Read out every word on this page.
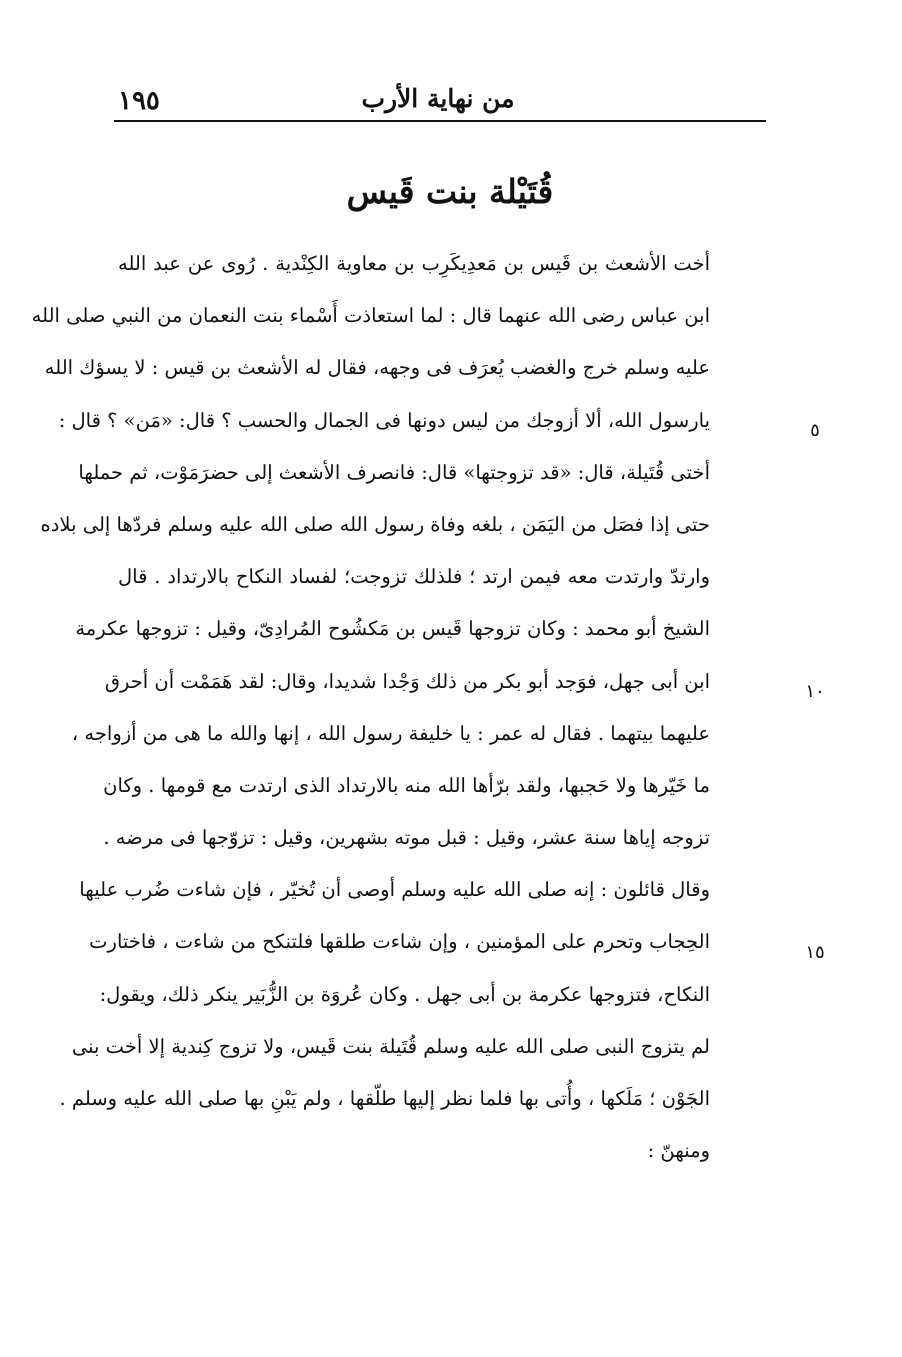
١٩٥	من نهاية الأرب
قُتَيْلة بنت قَيس
أخت الأشعث بن قَيس بن مَعدِيكَرِب بن معاوية الكِنْدية . رُوى عن عبد الله
ابن عباس رضى الله عنهما قال : لما استعاذت أَسْماء بنت النعمان من النبي صلى الله
عليه وسلم خرج والغضب يُعرَف فى وجهه، فقال له الأشعث بن قيس : لا يسؤك الله
يارسول الله، ألا أزوجك من ليس دونها فى الجمال والحسب ؟ قال: «مَن» ؟ قال :
أختى قُتَيلة، قال: «قد تزوجتها» قال: فانصرف الأشعث إلى حضرَمَوْت، ثم حملها
حتى إذا فصَل من اليَمَن ، بلغه وفاة رسول الله صلى الله عليه وسلم فردّها إلى بلاده
وارتدّ وارتدت معه فيمن ارتد ؛ فلذلك تزوجت؛ لفساد النكاح بالارتداد . قال
الشيخ أبو محمد : وكان تزوجها قَيس بن مَكشُوح المُرادِىّ، وقيل : تزوجها عكرمة
ابن أبى جهل، فوَجد أبو بكر من ذلك وَجْدا شديدا، وقال: لقد هَمَمْت أن أحرق
عليهما بيتهما . فقال له عمر : يا خليفة رسول الله ، إنها والله ما هى من أزواجه ،
ما خَيّرها ولا حَجبها، ولقد برّأها الله منه بالارتداد الذى ارتدت مع قومها . وكان
تزوجه إياها سنة عشر، وقيل : قبل موته بشهرين، وقيل : تزوّجها فى مرضه .
وقال قائلون : إنه صلى الله عليه وسلم أوصى أن تُخيّر ، فإن شاءت ضُرب عليها
الحِجاب وتحرم على المؤمنين ، وإن شاءت طلقها فلتنكح من شاءت ، فاختارت
النكاح، فتزوجها عكرمة بن أبى جهل . وكان عُروَة بن الزُّبَير ينكر ذلك، ويقول:
لم يتزوج النبى صلى الله عليه وسلم قُتَيلة بنت قَيس، ولا تزوج كِندية إلا أخت بنى
الجَوْن ؛ مَلَكها ، وأُتى بها فلما نظر إليها طلّقها ، ولم يَبْنِ بها صلى الله عليه وسلم .
ومنهنّ :
٥
١٠
١٥
